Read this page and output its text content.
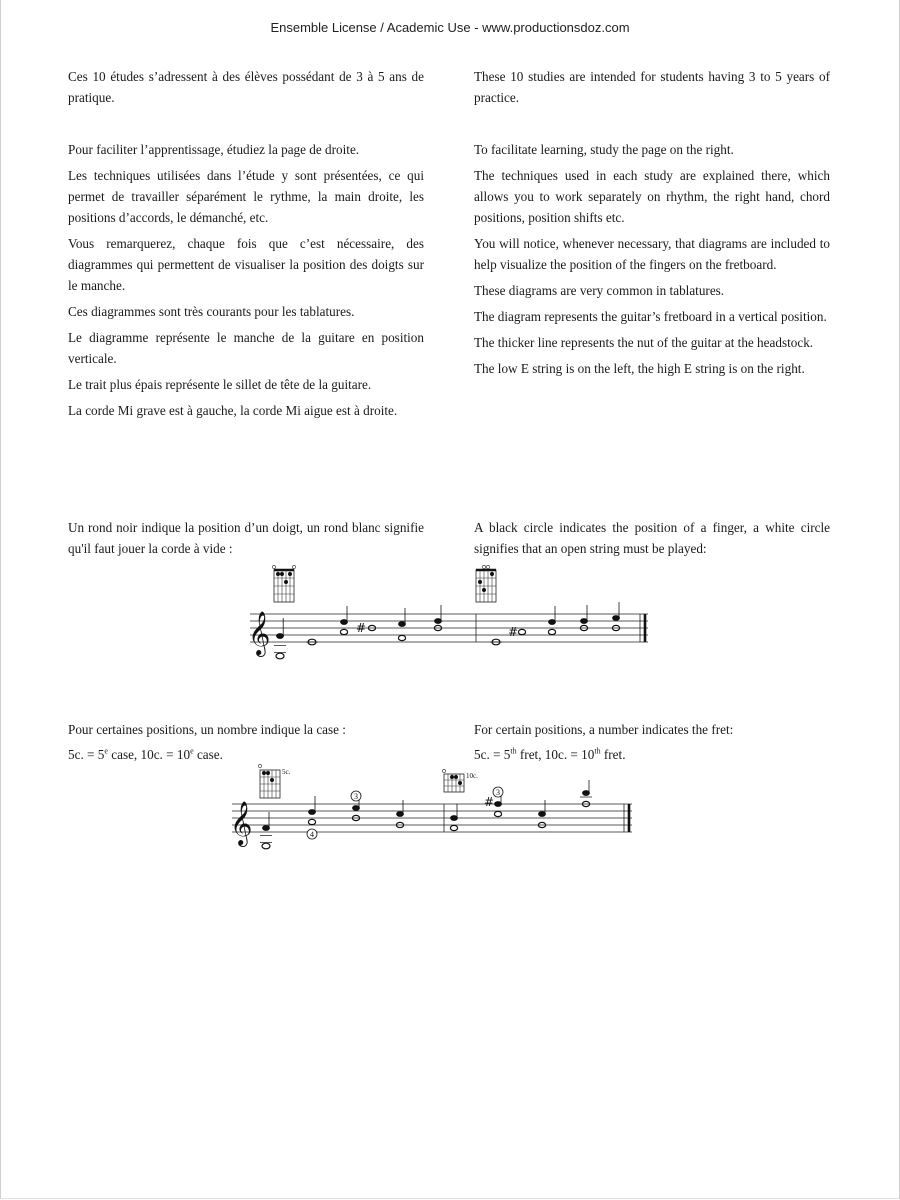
Ensemble License / Academic Use - www.productionsdoz.com

Ces 10 études s’adressent à des élèves possédant de 3 à 5 ans de pratique.

These 10 studies are intended for students having 3 to 5 years of practice.

Pour faciliter l’apprentissage, étudiez la page de droite.

Les techniques utilisées dans l’étude y sont présentées, ce qui permet de travailler séparément le rythme, la main droite, les positions d’accords, le démanché, etc.

Vous remarquerez, chaque fois que c’est nécessaire, des diagrammes qui permettent de visualiser la position des doigts sur le manche.

Ces diagrammes sont très courants pour les tablatures.

Le diagramme représente le manche de la guitare en position verticale.

Le trait plus épais représente le sillet de tête de la guitare.

La corde Mi grave est à gauche, la corde Mi aigue est à droite.

To facilitate learning, study the page on the right.

The techniques used in each study are explained there, which allows you to work separately on rhythm, the right hand, chord positions, position shifts etc.

You will notice, whenever necessary, that diagrams are included to help visualize the position of the fingers on the fretboard.

These diagrams are very common in tablatures.

The diagram represents the guitar’s fretboard in a vertical position.

The thicker line represents the nut of the guitar at the headstock.

The low E string is on the left, the high E string is on the right.

Un rond noir indique la position d’un doigt, un rond blanc signifie qu'il faut jouer la corde à vide :

A black circle indicates the position of a finger, a white circle signifies that an open string must be played:

𝄞	#	#

Pour certaines positions, un nombre indique la case :

5c. = $5^e$ case, 10c. = $10^e$ case.

For certain positions, a number indicates the fret:

5c. = 5th fret, 10c. = 10th fret.

5c.	10c.
𝄞
3
4
#
3
